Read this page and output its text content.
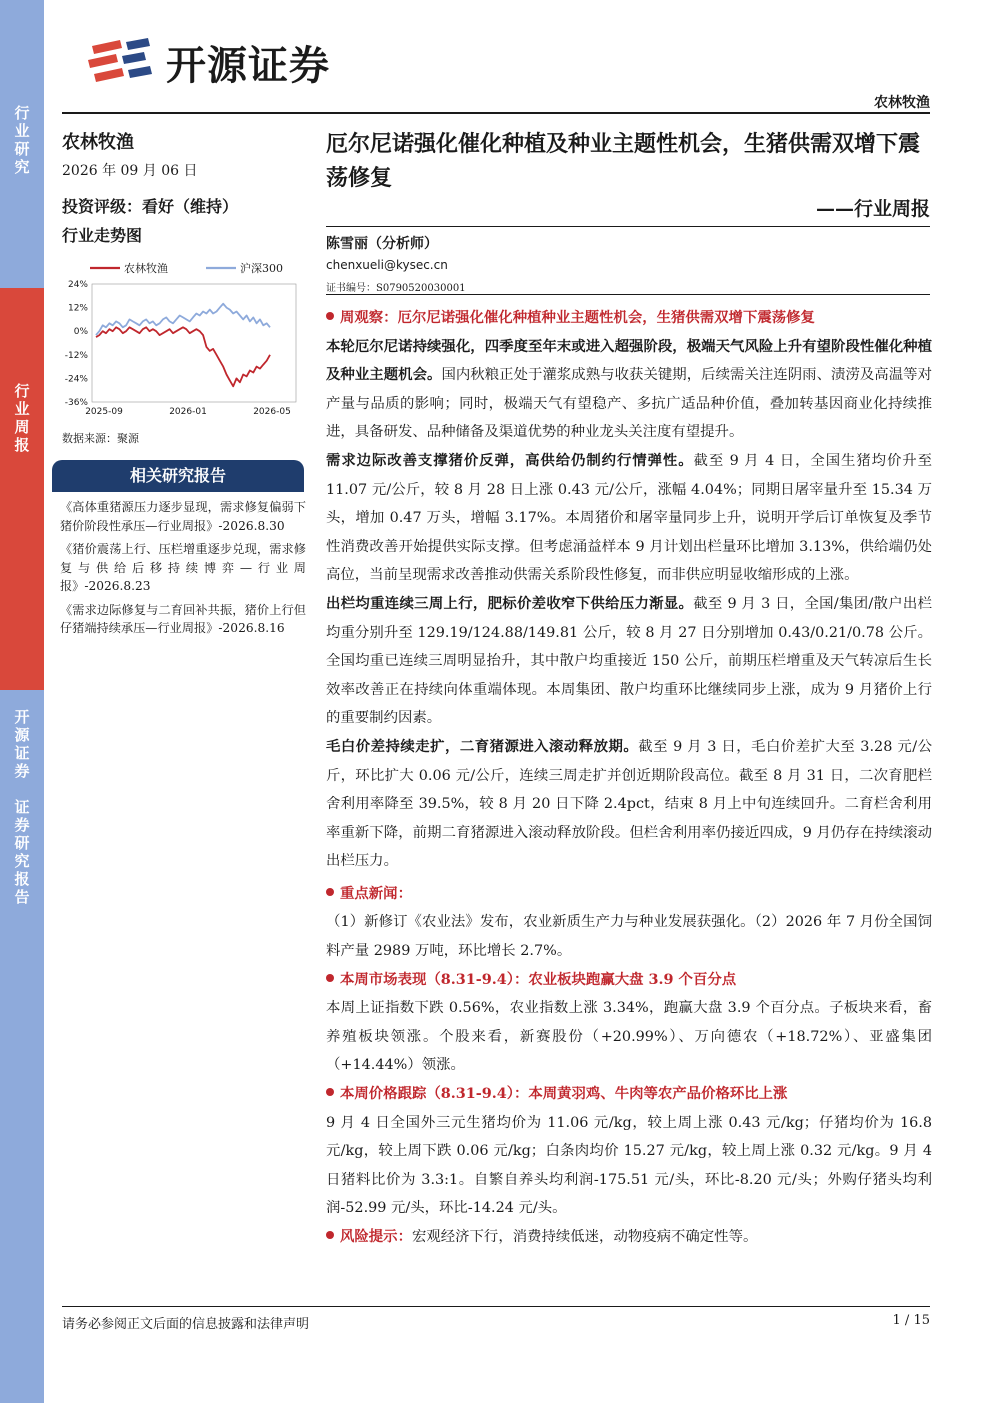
行
业
研
究
行
业
周
报
开
源
证
券

证
券
研
究
报
告
开源证券
农林牧渔
农林牧渔
2026 年 09 月 06 日
投资评级：看好（维持）
行业走势图
农林牧渔	沪深300
24%
12%
0%
-12%
-24%
-36%
2025-09	2026-01	2026-05
数据来源：聚源
相关研究报告
《高体重猪源压力逐步显现，需求修复偏弱下猪价阶段性承压—行业周报》-2026.8.30
《猪价震荡上行、压栏增重逐步兑现，需求修复与供给后移持续博弈—行业周报》-2026.8.23
《需求边际修复与二育回补共振，猪价上行但仔猪端持续承压—行业周报》-2026.8.16
厄尔尼诺强化催化种植及种业主题性机会，生猪供需双增下震荡修复
——行业周报
陈雪丽（分析师）
chenxueli@kysec.cn
证书编号：S0790520030001
周观察：厄尔尼诺强化催化种植种业主题性机会，生猪供需双增下震荡修复
本轮厄尔尼诺持续强化，四季度至年末或进入超强阶段，极端天气风险上升有望阶段性催化种植及种业主题机会。国内秋粮正处于灌浆成熟与收获关键期，后续需关注连阴雨、渍涝及高温等对产量与品质的影响；同时，极端天气有望稳产、多抗广适品种价值，叠加转基因商业化持续推进，具备研发、品种储备及渠道优势的种业龙头关注度有望提升。
需求边际改善支撑猪价反弹，高供给仍制约行情弹性。截至 9 月 4 日，全国生猪均价升至 11.07 元/公斤，较 8 月 28 日上涨 0.43 元/公斤，涨幅 4.04%；同期日屠宰量升至 15.34 万头，增加 0.47 万头，增幅 3.17%。本周猪价和屠宰量同步上升，说明开学后订单恢复及季节性消费改善开始提供实际支撑。但考虑涌益样本 9 月计划出栏量环比增加 3.13%，供给端仍处高位，当前呈现需求改善推动供需关系阶段性修复，而非供应明显收缩形成的上涨。
出栏均重连续三周上行，肥标价差收窄下供给压力渐显。截至 9 月 3 日，全国/集团/散户出栏均重分别升至 129.19/124.88/149.81 公斤，较 8 月 27 日分别增加 0.43/0.21/0.78 公斤。全国均重已连续三周明显抬升，其中散户均重接近 150 公斤，前期压栏增重及天气转凉后生长效率改善正在持续向体重端体现。本周集团、散户均重环比继续同步上涨，成为 9 月猪价上行的重要制约因素。
毛白价差持续走扩，二育猪源进入滚动释放期。截至 9 月 3 日，毛白价差扩大至 3.28 元/公斤，环比扩大 0.06 元/公斤，连续三周走扩并创近期阶段高位。截至 8 月 31 日，二次育肥栏舍利用率降至 39.5%，较 8 月 20 日下降 2.4pct，结束 8 月上中旬连续回升。二育栏舍利用率重新下降，前期二育猪源进入滚动释放阶段。但栏舍利用率仍接近四成，9 月仍存在持续滚动出栏压力。
重点新闻：
（1）新修订《农业法》发布，农业新质生产力与种业发展获强化。（2）2026 年 7 月份全国饲料产量 2989 万吨，环比增长 2.7%。
本周市场表现（8.31-9.4）：农业板块跑赢大盘 3.9 个百分点
本周上证指数下跌 0.56%，农业指数上涨 3.34%，跑赢大盘 3.9 个百分点。子板块来看，畜养殖板块领涨。个股来看，新赛股份（+20.99%）、万向德农（+18.72%）、亚盛集团（+14.44%）领涨。
本周价格跟踪（8.31-9.4）：本周黄羽鸡、牛肉等农产品价格环比上涨
9 月 4 日全国外三元生猪均价为 11.06 元/kg，较上周上涨 0.43 元/kg；仔猪均价为 16.8 元/kg，较上周下跌 0.06 元/kg；白条肉均价 15.27 元/kg，较上周上涨 0.32 元/kg。9 月 4 日猪料比价为 3.3:1。自繁自养头均利润-175.51 元/头，环比-8.20 元/头；外购仔猪头均利润-52.99 元/头，环比-14.24 元/头。
风险提示：宏观经济下行，消费持续低迷，动物疫病不确定性等。
请务必参阅正文后面的信息披露和法律声明	1 / 15
